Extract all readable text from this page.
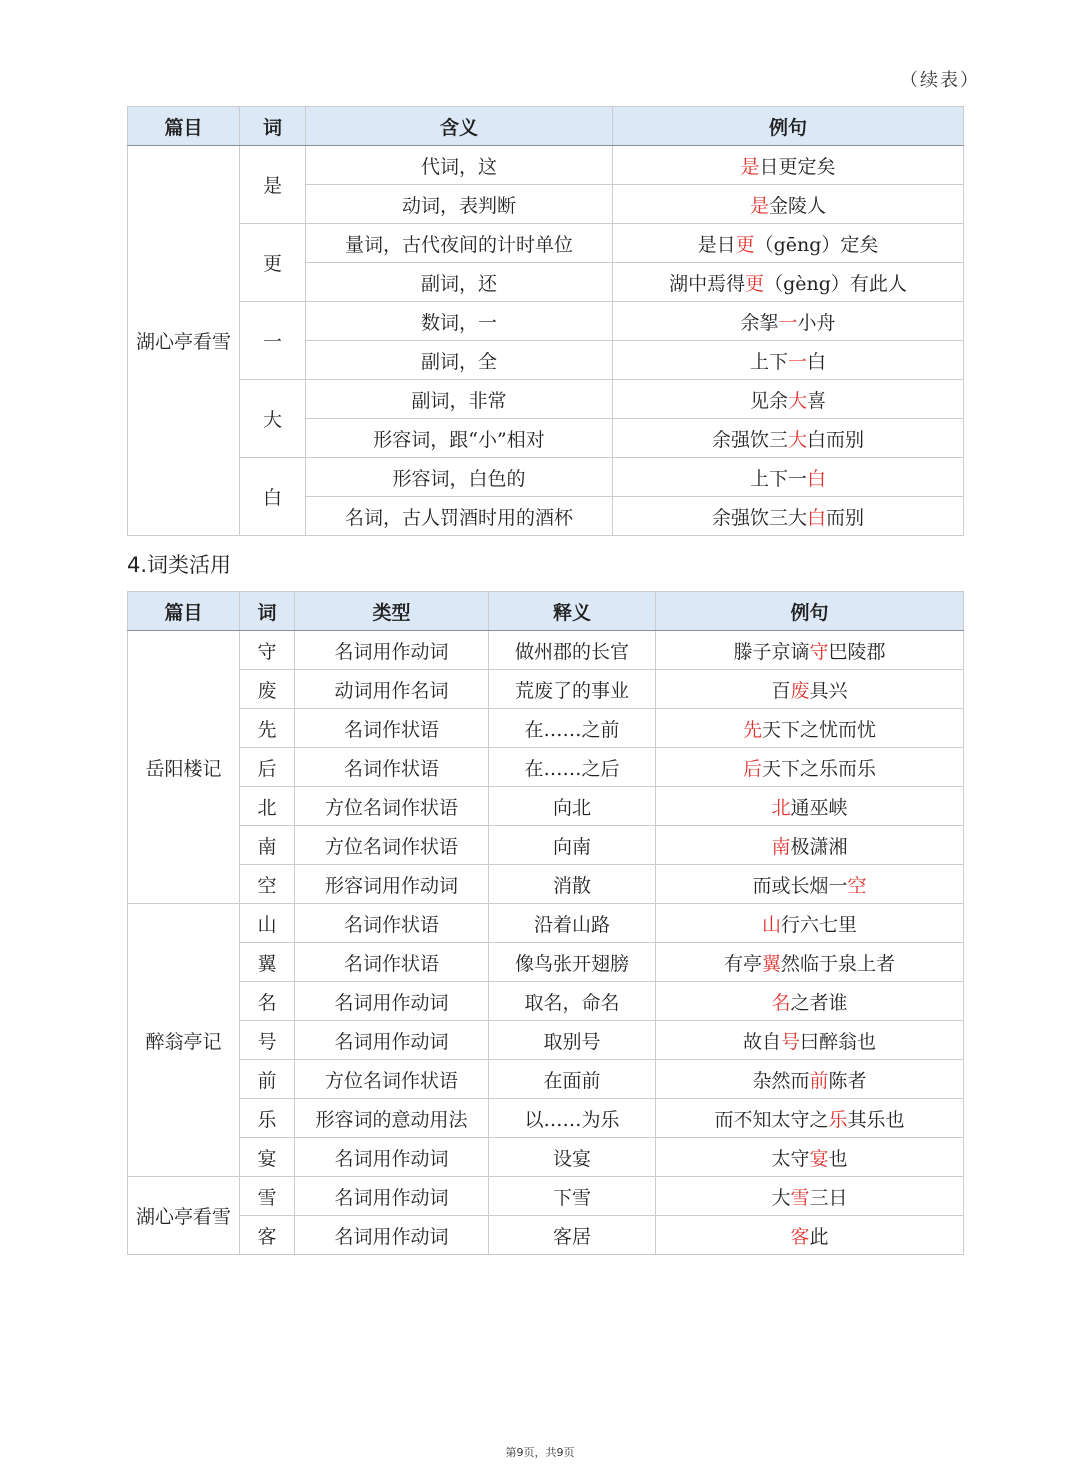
（续表）
篇目	词	含义	例句
湖心亭看雪	是	代词，这	是日更定矣
		动词，表判断	是金陵人
	更	量词，古代夜间的计时单位	是日更（gēng）定矣
		副词，还	湖中焉得更（gèng）有此人
	一	数词，一	余挐一小舟
		副词，全	上下一白
	大	副词，非常	见余大喜
		形容词，跟“小”相对	余强饮三大白而别
	白	形容词，白色的	上下一白
		名词，古人罚酒时用的酒杯	余强饮三大白而别
4.词类活用
篇目	词	类型	释义	例句
岳阳楼记	守	名词用作动词	做州郡的长官	滕子京谪守巴陵郡
	废	动词用作名词	荒废了的事业	百废具兴
	先	名词作状语	在……之前	先天下之忧而忧
	后	名词作状语	在……之后	后天下之乐而乐
	北	方位名词作状语	向北	北通巫峡
	南	方位名词作状语	向南	南极潇湘
	空	形容词用作动词	消散	而或长烟一空
醉翁亭记	山	名词作状语	沿着山路	山行六七里
	翼	名词作状语	像鸟张开翅膀	有亭翼然临于泉上者
	名	名词用作动词	取名，命名	名之者谁
	号	名词用作动词	取别号	故自号曰醉翁也
	前	方位名词作状语	在面前	杂然而前陈者
	乐	形容词的意动用法	以……为乐	而不知太守之乐其乐也
	宴	名词用作动词	设宴	太守宴也
湖心亭看雪	雪	名词用作动词	下雪	大雪三日
	客	名词用作动词	客居	客此
第9页，共9页
